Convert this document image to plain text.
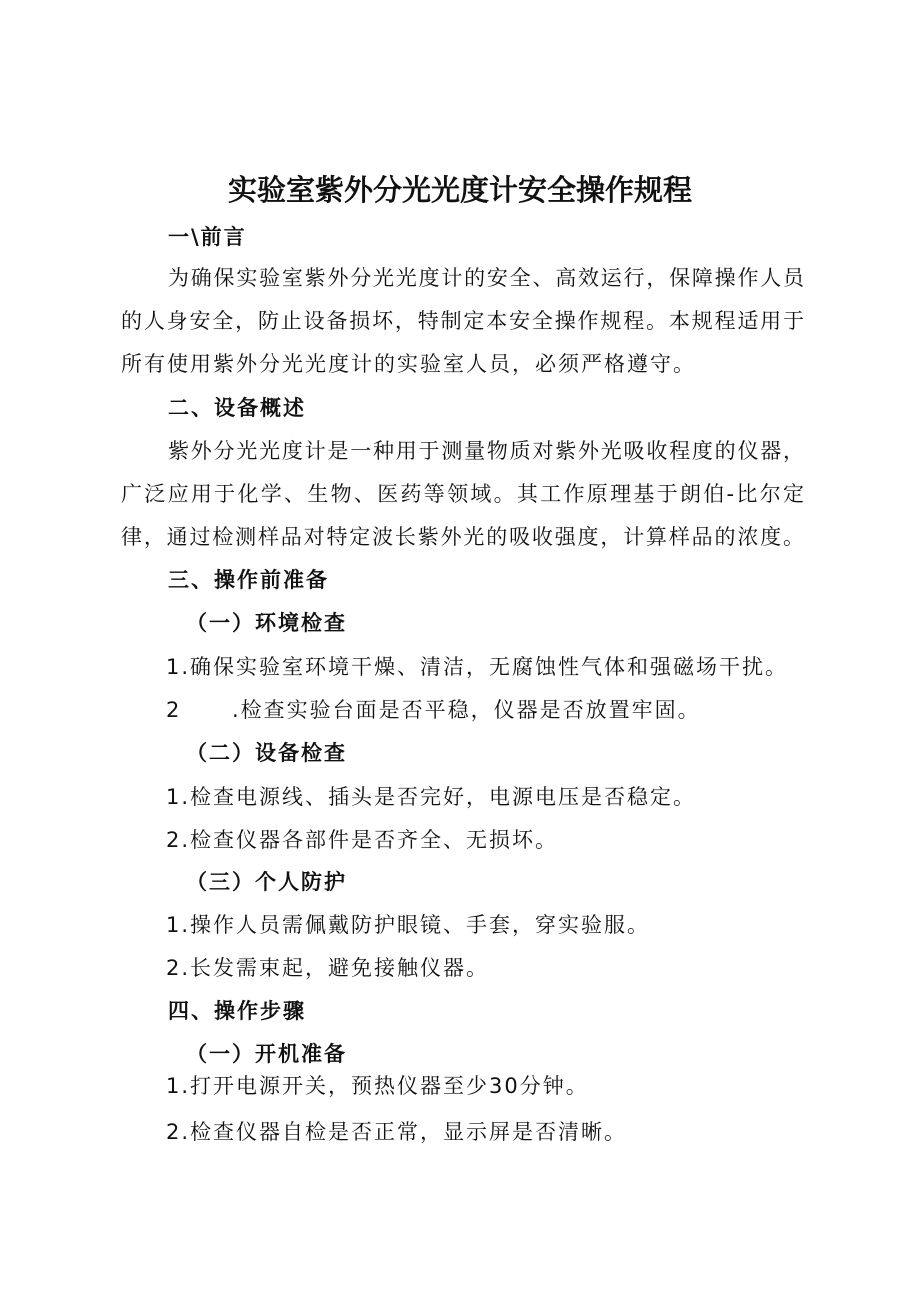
实验室紫外分光光度计安全操作规程
一\前言
为确保实验室紫外分光光度计的安全、高效运行，保障操作人员
的人身安全，防止设备损坏，特制定本安全操作规程。本规程适用于
所有使用紫外分光光度计的实验室人员，必须严格遵守。
二、设备概述
紫外分光光度计是一种用于测量物质对紫外光吸收程度的仪器，
广泛应用于化学、生物、医药等领域。其工作原理基于朗伯-比尔定
律，通过检测样品对特定波长紫外光的吸收强度，计算样品的浓度。
三、操作前准备
（一）环境检查
1.确保实验室环境干燥、清洁，无腐蚀性气体和强磁场干扰。
2 .检查实验台面是否平稳，仪器是否放置牢固。
（二）设备检查
1.检查电源线、插头是否完好，电源电压是否稳定。
2.检查仪器各部件是否齐全、无损坏。
（三）个人防护
1.操作人员需佩戴防护眼镜、手套，穿实验服。
2.长发需束起，避免接触仪器。
四、操作步骤
（一）开机准备
1.打开电源开关，预热仪器至少30分钟。
2.检查仪器自检是否正常，显示屏是否清晰。
